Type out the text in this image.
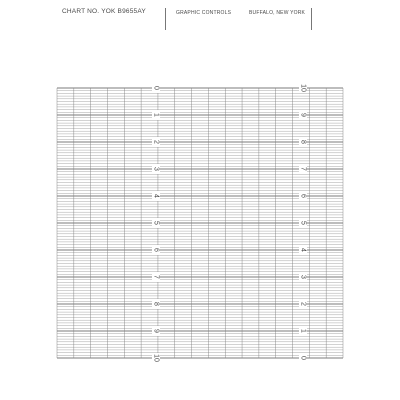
CHART NO. YOK B9655AY	GRAPHIC CONTROLS	BUFFALO, NEW YORK
0
1
2
3
4
5
6
7
8
9
10
10
9
8
7
6
5
4
3
2
1
0
